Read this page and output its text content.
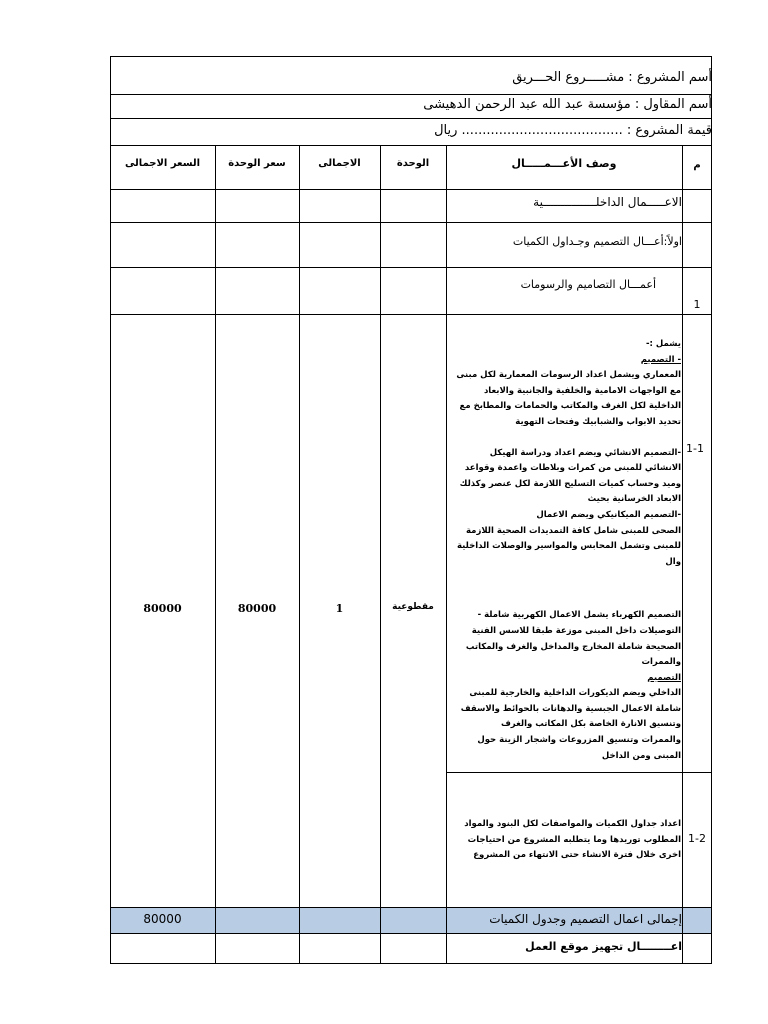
أسم المشروع : مشـــــروع الحـــريق
أسم المقاول : مؤسسة عبد الله عبد الرحمن الدهيشى
قيمة المشروع : ....................................... ريال
م
وصف الأعـــمـــــال
الوحدة
الاجمالى
سعر الوحدة
السعر الاجمالى
الاعـــــمال الداخلـــــــــــــــية
اولاً:أعـــال التصميم وجـداول الكميات
أعمـــال التصاميم والرسومات
1
1-1
يشمل :-
- التصميم
المعماري ويشمل اعداد الرسومات المعمارية لكل مبنى
مع الواجهات الامامية والخلفية والجانبية والابعاد
الداخلية لكل الغرف والمكاتب والحمامات والمطابخ مع
تحديد الابواب والشبابيك وفتحات التهوية
-التصميم الانشائي ويضم اعداد ودراسة الهيكل
الانشائي للمبنى من كمرات وبلاطات واعمدة وقواعد
وميد وحساب كميات التسليح اللازمة لكل عنصر وكذلك
الابعاد الخرسانية بحيث
-التصميم الميكانيكي ويضم الاعمال
الصحى للمبنى شامل كافة التمديدات الصحية اللازمة
للمبنى وتشمل المحابس والمواسير والوصلات الداخلية
وال
التصميم الكهرباء يشمل الاعمال الكهربية شاملة -
التوصيلات داخل المبنى موزعة طبقا للاسس الفنية
الصحيحة شاملة المخارج والمداخل والغرف والمكاتب
والممرات
التصميم
الداخلي ويضم الديكورات الداخلية والخارجية للمبنى
شاملة الاعمال الجبسية والدهانات بالحوائط والاسقف
وتنسيق الانارة الخاصة بكل المكاتب والغرف
والممرات وتنسيق المزروعات واشجار الزينة حول
المبنى ومن الداخل
مقطوعية
1
80000
80000
1-2
اعداد جداول الكميات والمواصفات لكل البنود والمواد
المطلوب توريدها وما يتطلبه المشروع من احتياجات
اخرى خلال فترة الانشاء حتى الانتهاء من المشروع
إجمالى اعمال التصميم وجدول الكميات
80000
اعــــــــال تجهيز موقع العمل
